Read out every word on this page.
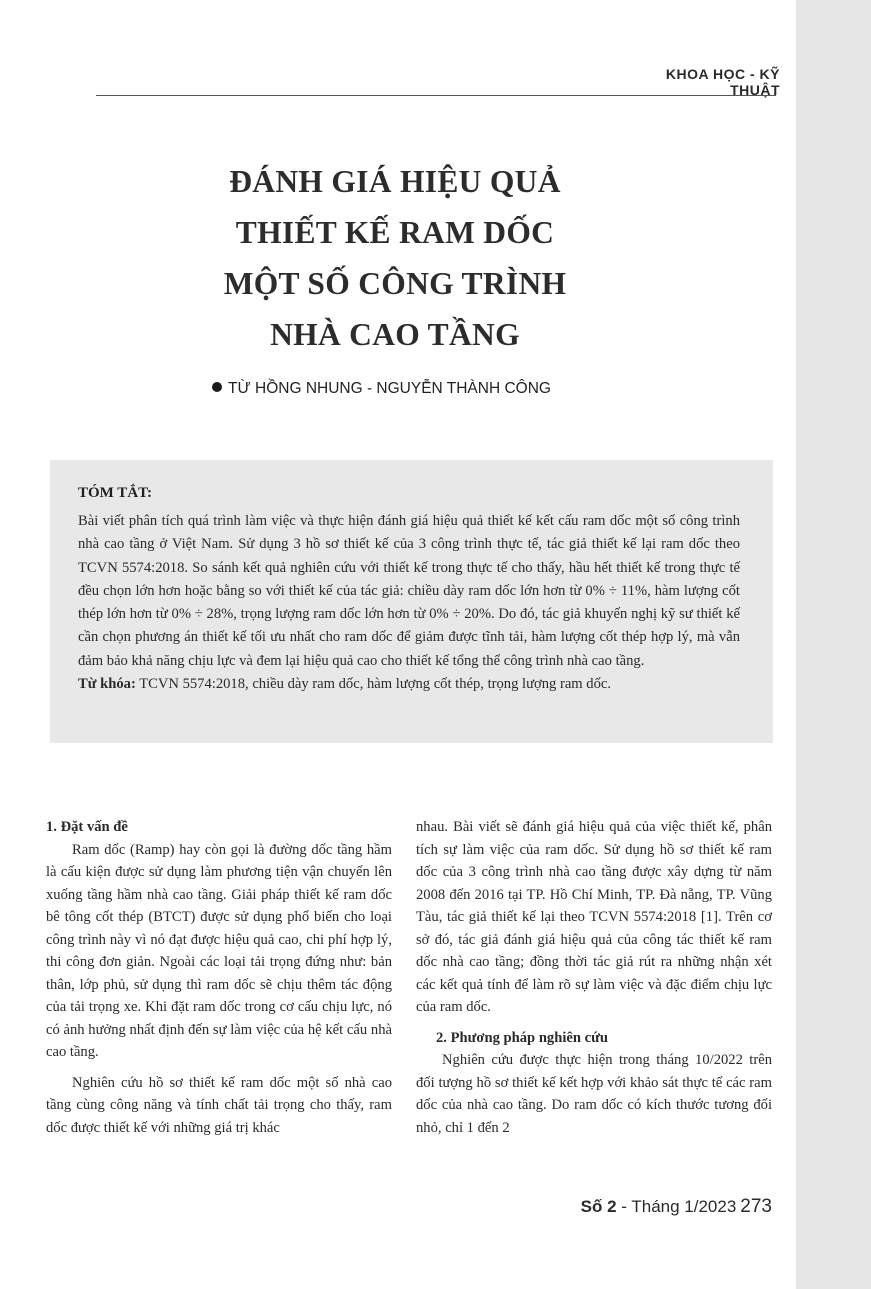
KHOA HỌC - KỸ THUẬT
ĐÁNH GIÁ HIỆU QUẢ
THIẾT KẾ RAM DỐC
MỘT SỐ CÔNG TRÌNH
NHÀ CAO TẦNG
TỪ HỒNG NHUNG - NGUYỄN THÀNH CÔNG
TÓM TẮT:

Bài viết phân tích quá trình làm việc và thực hiện đánh giá hiệu quả thiết kế kết cấu ram dốc một số công trình nhà cao tầng ở Việt Nam. Sử dụng 3 hồ sơ thiết kế của 3 công trình thực tế, tác giả thiết kế lại ram dốc theo TCVN 5574:2018. So sánh kết quả nghiên cứu với thiết kế trong thực tế cho thấy, hầu hết thiết kế trong thực tế đều chọn lớn hơn hoặc bằng so với thiết kế của tác giả: chiều dày ram dốc lớn hơn từ 0% ÷ 11%, hàm lượng cốt thép lớn hơn từ 0% ÷ 28%, trọng lượng ram dốc lớn hơn từ 0% ÷ 20%. Do đó, tác giả khuyến nghị kỹ sư thiết kế cần chọn phương án thiết kế tối ưu nhất cho ram dốc để giảm được tĩnh tải, hàm lượng cốt thép hợp lý, mà vẫn đảm bảo khả năng chịu lực và đem lại hiệu quả cao cho thiết kế tổng thể công trình nhà cao tầng.

Từ khóa: TCVN 5574:2018, chiều dày ram dốc, hàm lượng cốt thép, trọng lượng ram dốc.

1. Đặt vấn đề

Ram dốc (Ramp) hay còn gọi là đường dốc tầng hầm là cấu kiện được sử dụng làm phương tiện vận chuyển lên xuống tầng hầm nhà cao tầng. Giải pháp thiết kế ram dốc bê tông cốt thép (BTCT) được sử dụng phổ biến cho loại công trình này vì nó đạt được hiệu quả cao, chi phí hợp lý, thi công đơn giản. Ngoài các loại tải trọng đứng như: bản thân, lớp phủ, sử dụng thì ram dốc sẽ chịu thêm tác động của tải trọng xe. Khi đặt ram dốc trong cơ cấu chịu lực, nó có ảnh hưởng nhất định đến sự làm việc của hệ kết cấu nhà cao tầng.

Nghiên cứu hồ sơ thiết kế ram dốc một số nhà cao tầng cùng công năng và tính chất tải trọng cho thấy, ram dốc được thiết kế với những giá trị khác

nhau. Bài viết sẽ đánh giá hiệu quả của việc thiết kế, phân tích sự làm việc của ram dốc. Sử dụng hồ sơ thiết kế ram dốc của 3 công trình nhà cao tầng được xây dựng từ năm 2008 đến 2016 tại TP. Hồ Chí Minh, TP. Đà nẵng, TP. Vũng Tàu, tác giả thiết kế lại theo TCVN 5574:2018 [1]. Trên cơ sở đó, tác giả đánh giá hiệu quả của công tác thiết kế ram dốc nhà cao tầng; đồng thời tác giả rút ra những nhận xét các kết quả tính để làm rõ sự làm việc và đặc điểm chịu lực của ram dốc.

2. Phương pháp nghiên cứu

Nghiên cứu được thực hiện trong tháng 10/2022 trên đối tượng hồ sơ thiết kế kết hợp với khảo sát thực tế các ram dốc của nhà cao tầng. Do ram dốc có kích thước tương đối nhỏ, chỉ 1 đến 2

Số 2 - Tháng 1/2023 273
